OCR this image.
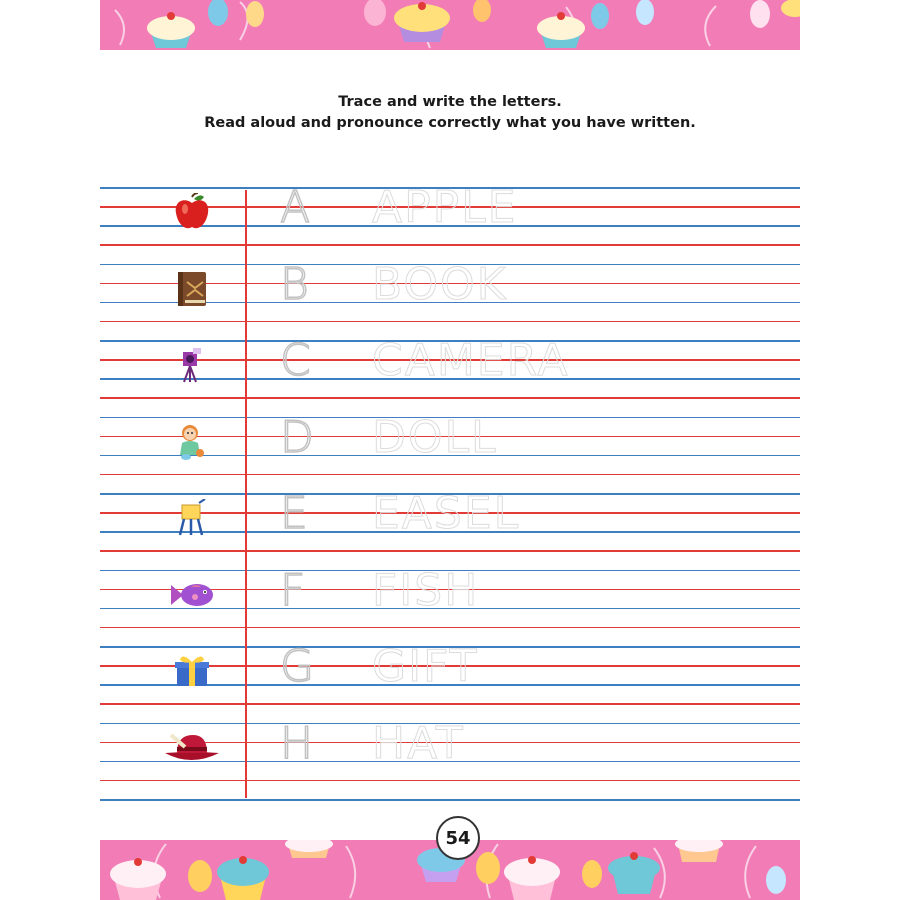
Trace and write the letters.
Read aloud and pronounce correctly what you have written.
A APPLE
B BOOK
C CAMERA
D DOLL
E EASEL
F FISH
G GIFT
H HAT
54
